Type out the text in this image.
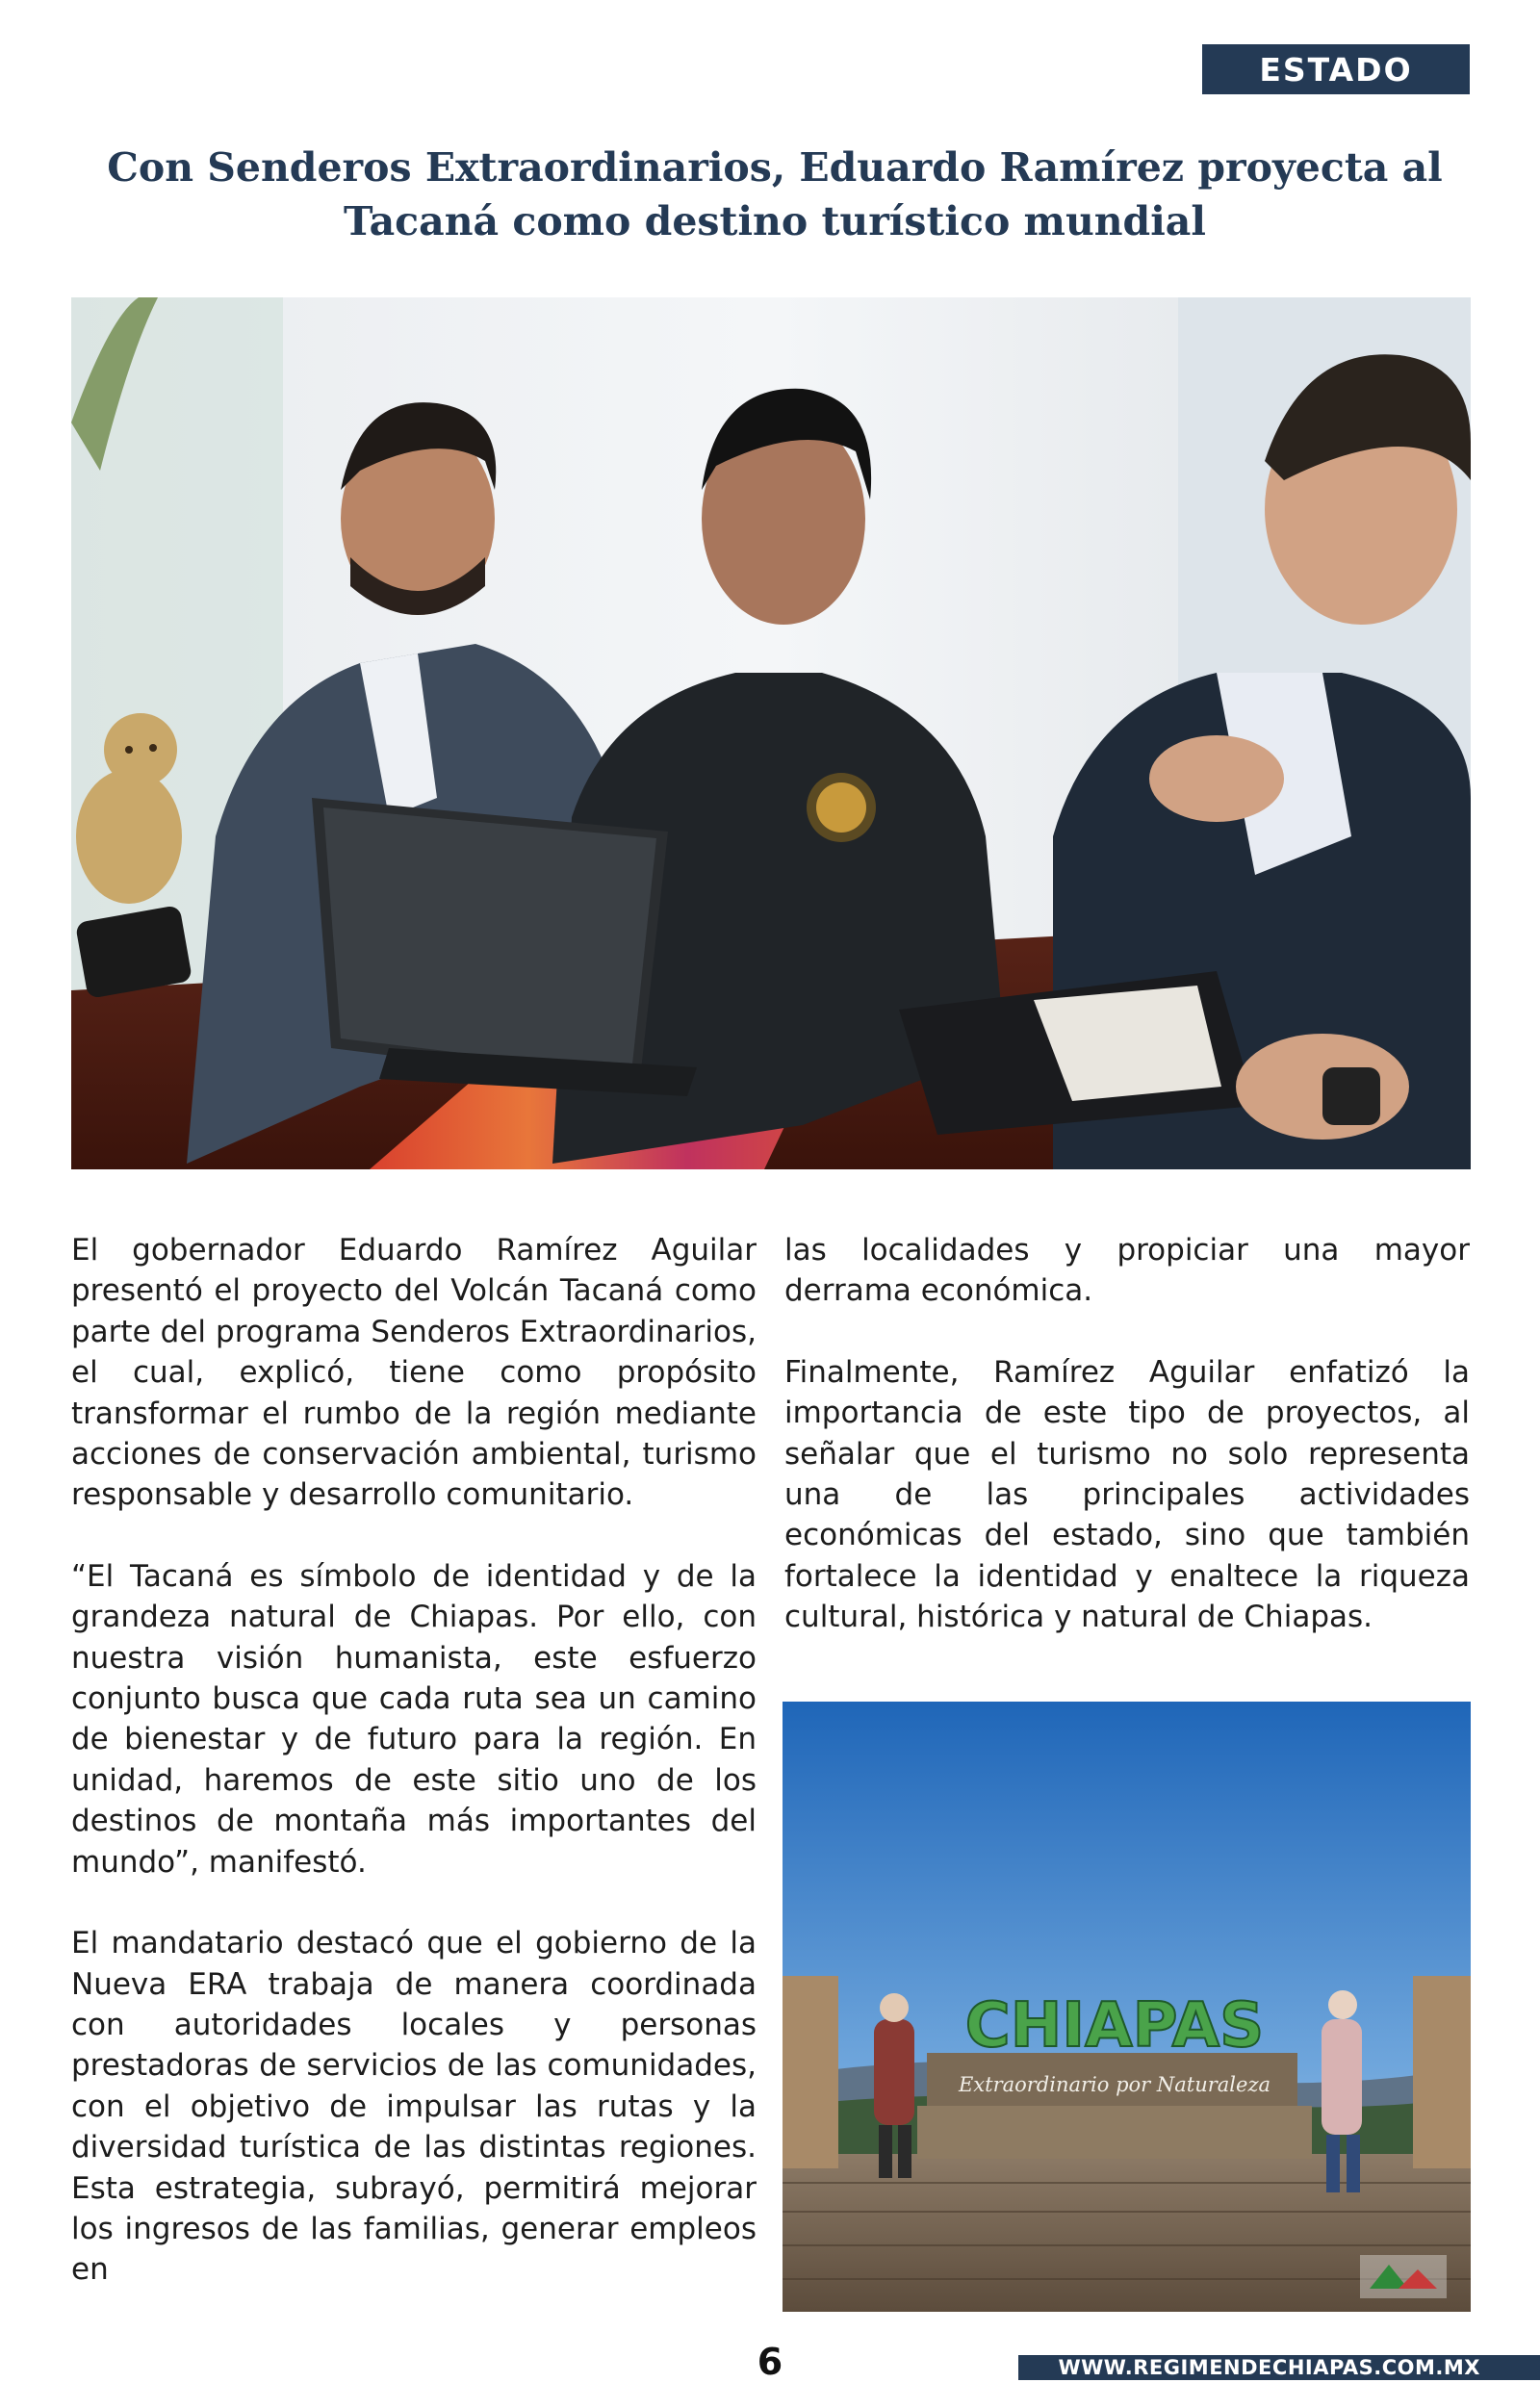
ESTADO
Con Senderos Extraordinarios, Eduardo Ramírez proyecta al Tacaná como destino turístico mundial

El gobernador Eduardo Ramírez Aguilar presentó el proyecto del Volcán Tacaná como parte del programa Senderos Extraordinarios, el cual, explicó, tiene como propósito transformar el rumbo de la región mediante acciones de conservación ambiental, turismo responsable y desarrollo comunitario.

“El Tacaná es símbolo de identidad y de la grandeza natural de Chiapas. Por ello, con nuestra visión humanista, este esfuerzo conjunto busca que cada ruta sea un camino de bienestar y de futuro para la región. En unidad, haremos de este sitio uno de los destinos de montaña más importantes del mundo”, manifestó.

El mandatario destacó que el gobierno de la Nueva ERA trabaja de manera coordinada con autoridades locales y personas prestadoras de servicios de las comunidades, con el objetivo de impulsar las rutas y la diversidad turística de las distintas regiones. Esta estrategia, subrayó, permitirá mejorar los ingresos de las familias, generar empleos en

las localidades y propiciar una mayor derrama económica.

Finalmente, Ramírez Aguilar enfatizó la importancia de este tipo de proyectos, al señalar que el turismo no solo representa una de las principales actividades económicas del estado, sino que también fortalece la identidad y enaltece la riqueza cultural, histórica y natural de Chiapas.

CHIAPAS
Extraordinario por Naturaleza
6	WWW.REGIMENDECHIAPAS.COM.MX
